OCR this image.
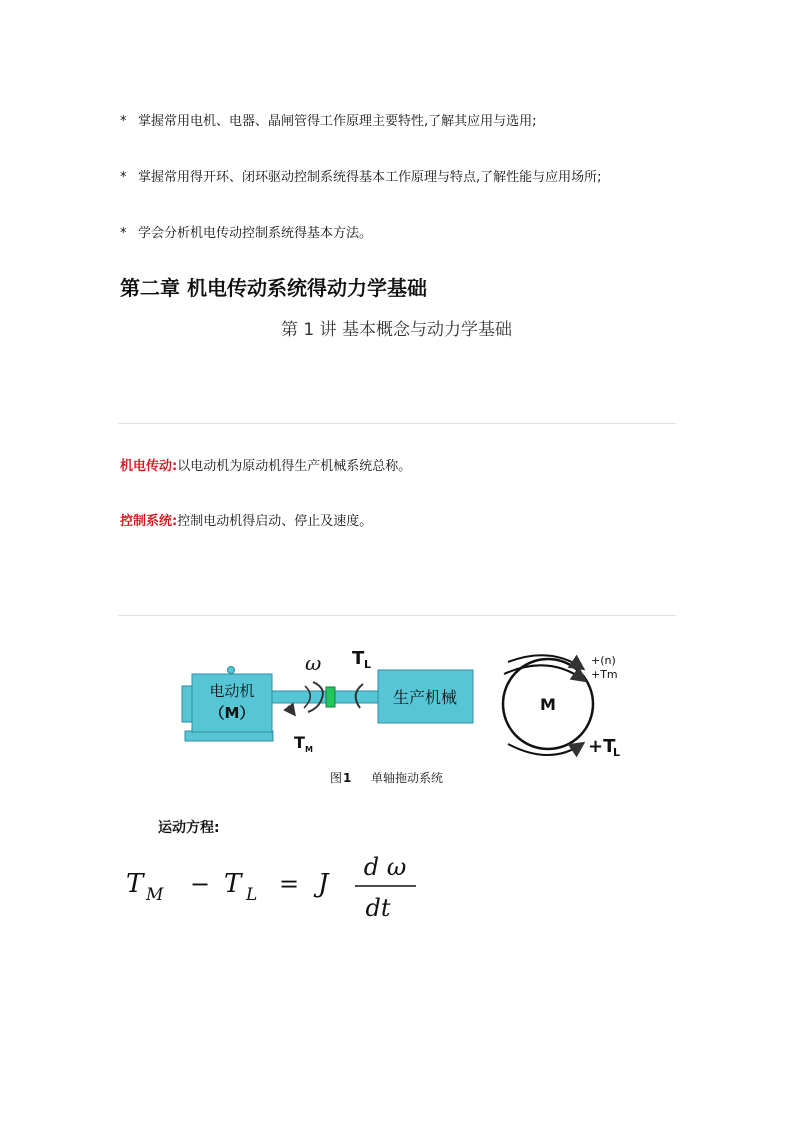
* 掌握常用电机、电器、晶闸管得工作原理主要特性,了解其应用与选用;
* 掌握常用得开环、闭环驱动控制系统得基本工作原理与特点,了解性能与应用场所;
* 学会分析机电传动控制系统得基本方法。
第二章 机电传动系统得动力学基础
第 1 讲 基本概念与动力学基础
机电传动:以电动机为原动机得生产机械系统总称。
控制系统:控制电动机得启动、停止及速度。
电动机
（M）
ω T L
T M
生产机械	M
+(n)
+Tm
+T
L
图 1 单轴拖动系统
运动方程:
T M − T L = J
d ω
dt
